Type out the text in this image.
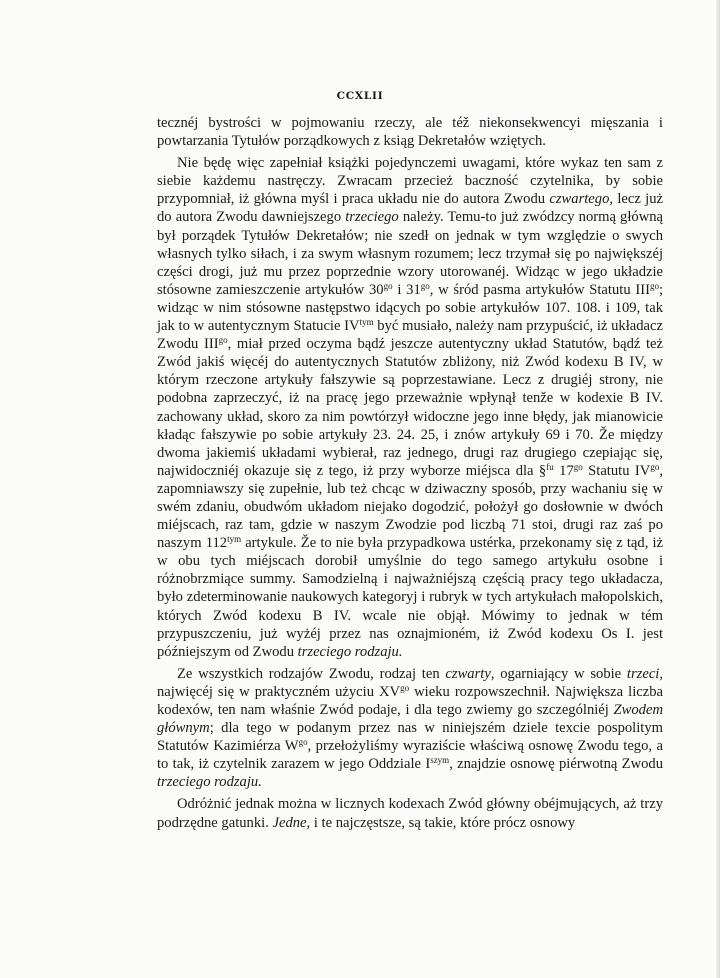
CCXLII

tecznéj bystrości w pojmowaniu rzeczy, ale též niekonsekwencyi mięszania i powtarzania Tytułów porządkowych z ksiąg Dekretałów wziętych.

Nie będę więc zapełniał książki pojedynczemi uwagami, które wykaz ten sam z siebie każdemu nastręczy. Zwracam przecież baczność czytelnika, by sobie przypomniał, iż główna myśl i praca układu nie do autora Zwodu czwartego, lecz już do autora Zwodu dawniejszego trzeciego należy. Temu-to już zwódzcy normą główną był porządek Tytułów Dekretałów; nie szedł on jednak w tym względzie o swych własnych tylko siłach, i za swym własnym rozumem; lecz trzymał się po największéj części drogi, już mu przez poprzednie wzory utorowanéj. Widząc w jego układzie stósowne zamieszczenie artykułów $30^{go}$ i $31^{go}$, w śród pasma artykułów Statutu $III^{go}$; widząc w nim stósowne następstwo idących po sobie artykułów 107. 108. i 109, tak jak to w autentycznym Statucie $IV^{tym}$ być musiało, należy nam przypuścić, iż układacz Zwodu $III^{go}$, miał przed oczyma bądź jeszcze autentyczny układ Statutów, bądź też Zwód jakiś więcéj do autentycznych Statutów zbliżony, niż Zwód kodexu B IV, w którym rzeczone artykuły fałszywie są poprzestawiane. Lecz z drugiéj strony, nie podobna zaprzeczyć, iż na pracę jego przeważnie wpłynął tenže w kodexie B IV. zachowany układ, skoro za nim powtórzył widoczne jego inne błędy, jak mianowicie kładąc fałszywie po sobie artykuły 23. 24. 25, i znów artykuły 69 i 70. Že między dwoma jakiemiś układami wybierał, raz jednego, drugi raz drugiego czepiając się, najwidoczniéj okazuje się z tego, iż przy wyborze miéjsca dla §$^{fu}$ $17^{go}$ Statutu $IV^{go}$, zapomniawszy się zupełnie, lub też chcąc w dziwaczny sposób, przy wachaniu się w swém zdaniu, obudwóm układom niejako dogodzić, położył go dosłownie w dwóch miéjscach, raz tam, gdzie w naszym Zwodzie pod liczbą 71 stoi, drugi raz zaś po naszym $112^{tym}$ artykule. Že to nie była przypadkowa ustérka, przekonamy się z tąd, iż w obu tych miéjscach dorobił umyślnie do tego samego artykułu osobne i różnobrzmiące summy. Samodzielną i najważniéjszą częścią pracy tego układacza, było zdeterminowanie naukowych kategoryj i rubryk w tych artykułach małopolskich, których Zwód kodexu B IV. wcale nie objął. Mówimy to jednak w tém przypuszczeniu, już wyżéj przez nas oznajmioném, iż Zwód kodexu Os I. jest późniejszym od Zwodu trzeciego rodzaju.

Ze wszystkich rodzajów Zwodu, rodzaj ten czwarty, ogarniający w sobie trzeci, najwięcéj się w praktyczném użyciu $XV^{go}$ wieku rozpowszechnił. Największa liczba kodexów, ten nam właśnie Zwód podaje, i dla tego zwiemy go szczególniéj Zwodem głównym; dla tego w podanym przez nas w niniejszém dziele texcie pospolitym Statutów Kazimiérza $W^{go}$, przełożyliśmy wyraziście właściwą osnowę Zwodu tego, a to tak, iż czytelnik zarazem w jego Oddziale $I^{szym}$, znajdzie osnowę piérwotną Zwodu trzeciego rodzaju.

Odróżnić jednak można w licznych kodexach Zwód główny obéjmujących, aż trzy podrzędne gatunki. Jedne, i te najczęstsze, są takie, które prócz osnowy
